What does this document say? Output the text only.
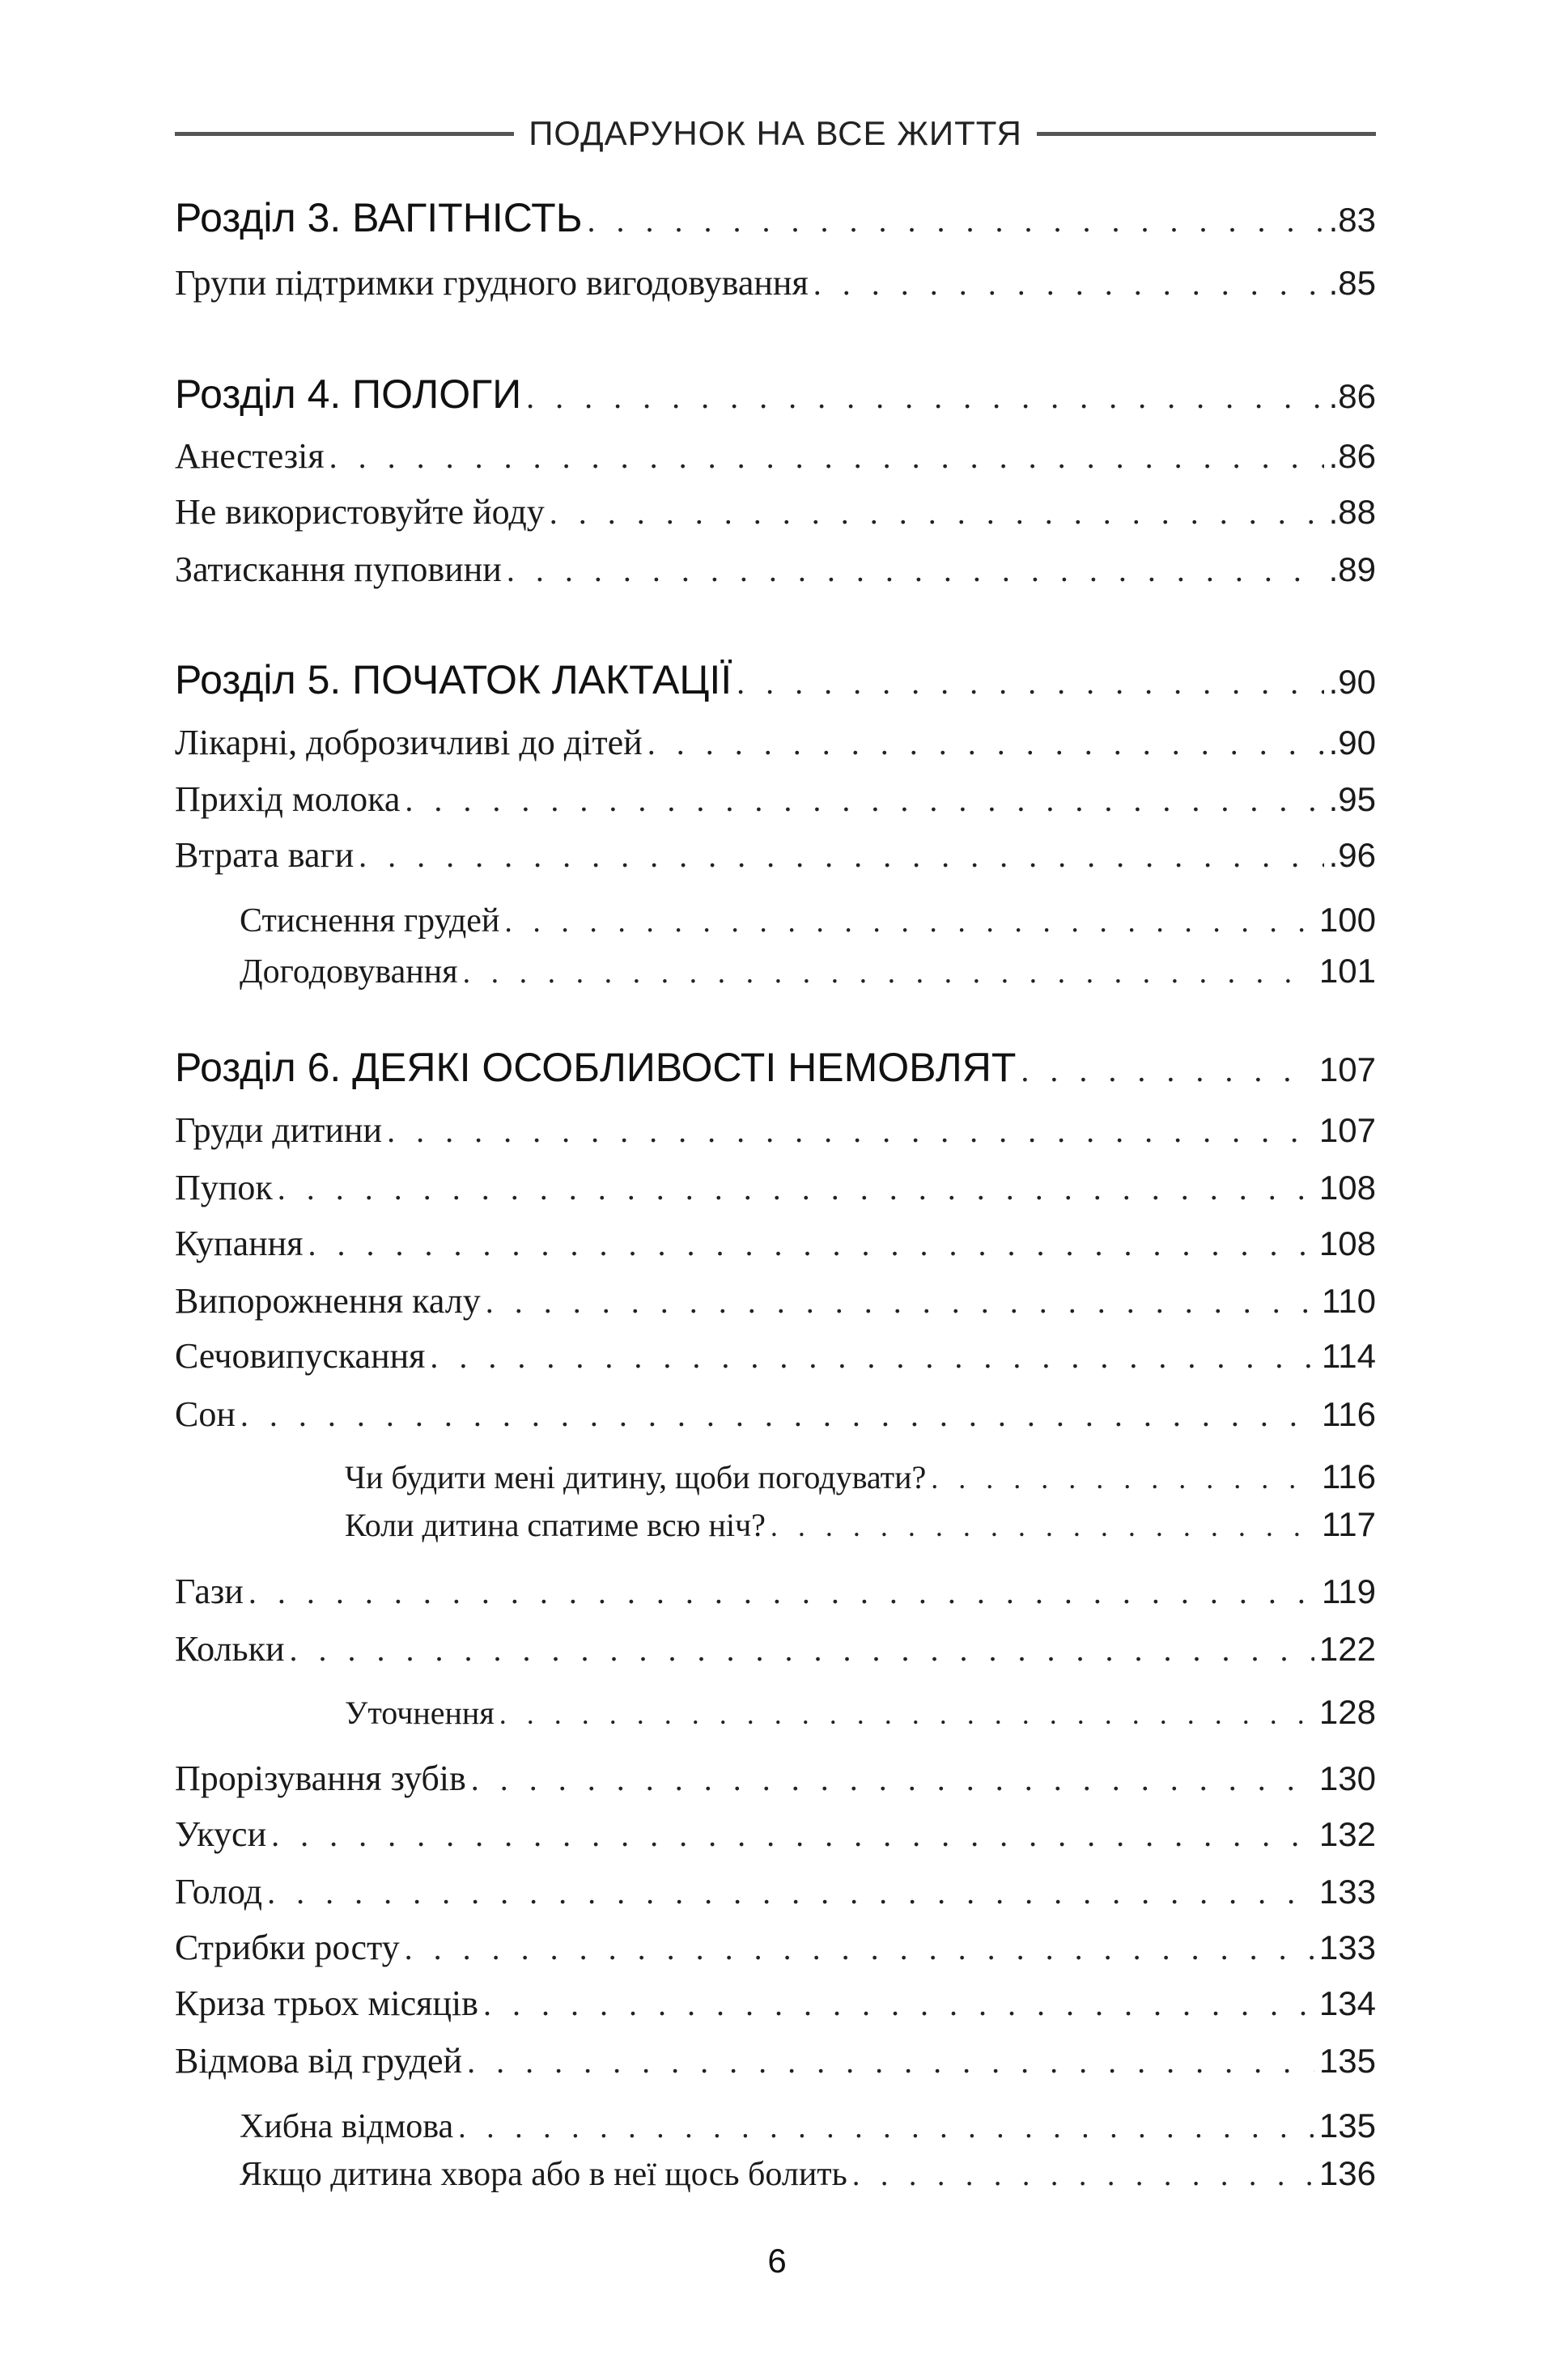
ПОДАРУНОК НА ВСЕ ЖИТТЯ
Розділ 3. ВАГІТНІСТЬ . . .	.83
Групи підтримки грудного вигодовування . . .	.85
Розділ 4. ПОЛОГИ . . .	.86
Анестезія . . .	.86
Не використовуйте йоду . . .	.88
Затискання пуповини . . .	.89
Розділ 5. ПОЧАТОК ЛАКТАЦІЇ . . .	.90
Лікарні, доброзичливі до дітей . . .	.90
Прихід молока . . .	.95
Втрата ваги . . .	.96
Стиснення грудей . . .	100
Догодовування . . .	101
Розділ 6. ДЕЯКІ ОСОБЛИВОСТІ НЕМОВЛЯТ . . .	107
Груди дитини . . .	107
Пупок . . .	108
Купання . . .	108
Випорожнення калу . . .	110
Сечовипускання . . .	114
Сон . . .	116
Чи будити мені дитину, щоби погодувати? . . .	116
Коли дитина спатиме всю ніч? . . .	117
Гази . . .	119
Кольки . . .	122
Уточнення . . .	128
Прорізування зубів . . .	130
Укуси . . .	132
Голод . . .	133
Стрибки росту . . .	133
Криза трьох місяців . . .	134
Відмова від грудей . . .	135
Хибна відмова . . .	135
Якщо дитина хвора або в неї щось болить . . .	136
6
